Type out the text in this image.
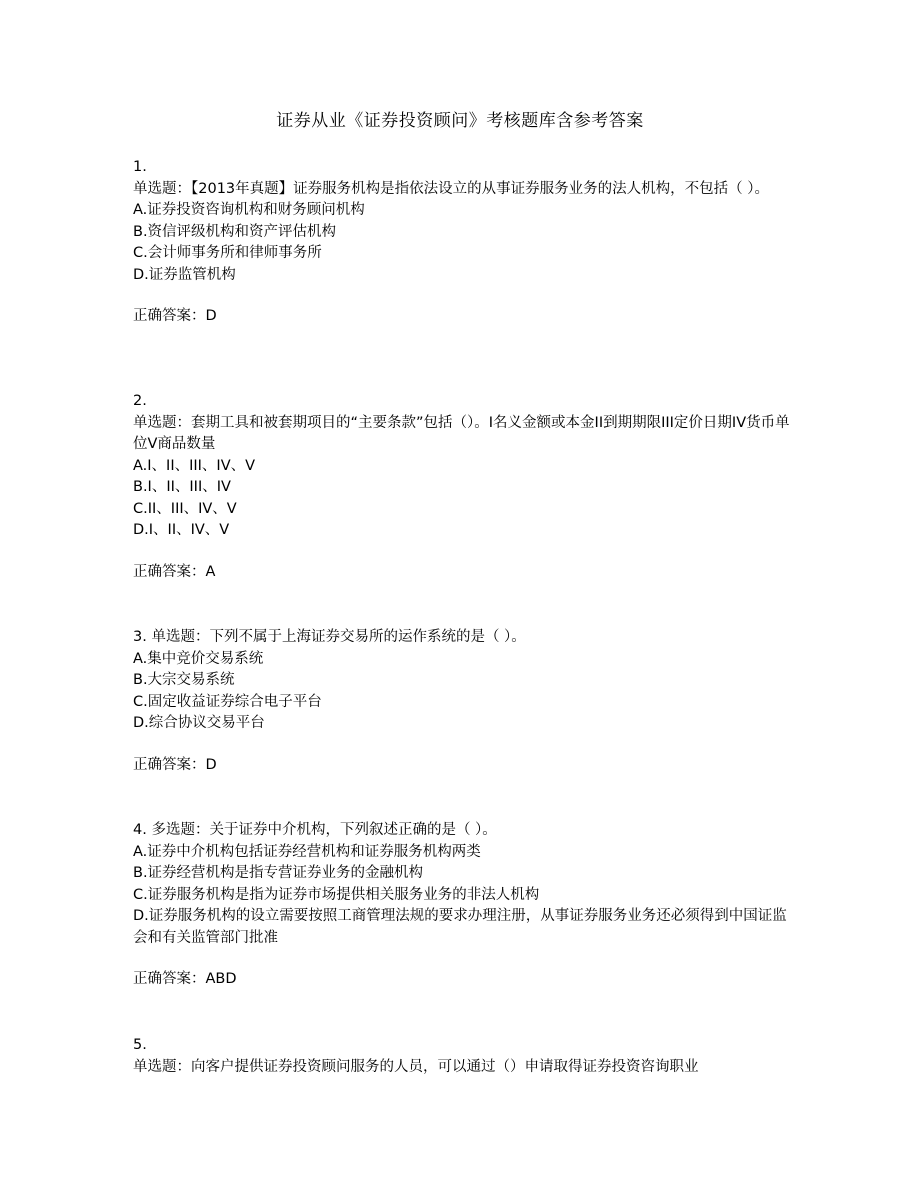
证券从业《证券投资顾问》考核题库含参考答案
1.
单选题：【2013年真题】证券服务机构是指依法设立的从事证券服务业务的法人机构，不包括（ ）。
A.证券投资咨询机构和财务顾问机构
B.资信评级机构和资产评估机构
C.会计师事务所和律师事务所
D.证券监管机构
正确答案：D
2.
单选题：套期工具和被套期项目的“主要条款”包括（）。I名义金额或本金II到期期限III定价日期IV货币单位V商品数量
A.I、II、III、IV、V
B.I、II、III、IV
C.II、III、IV、V
D.I、II、IV、V
正确答案：A
3. 单选题：下列不属于上海证券交易所的运作系统的是（ ）。
A.集中竞价交易系统
B.大宗交易系统
C.固定收益证券综合电子平台
D.综合协议交易平台
正确答案：D
4. 多选题：关于证券中介机构，下列叙述正确的是（ ）。
A.证券中介机构包括证券经营机构和证券服务机构两类
B.证券经营机构是指专营证券业务的金融机构
C.证券服务机构是指为证券市场提供相关服务业务的非法人机构
D.证券服务机构的设立需要按照工商管理法规的要求办理注册，从事证券服务业务还必须得到中国证监会和有关监管部门批准
正确答案：ABD
5.
单选题：向客户提供证券投资顾问服务的人员，可以通过（）申请取得证券投资咨询职业
